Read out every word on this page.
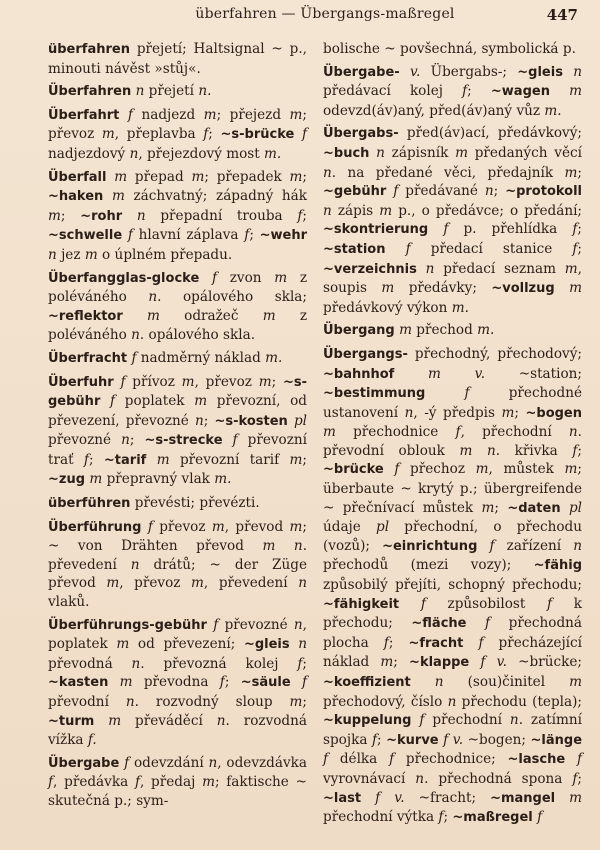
überfahren — Übergangs-maßregel	447

überfahren přejetí; Haltsignal ~ p., minouti návěst »stůj«.

Überfahren n přejetí n.

Überfahrt f nadjezd m; přejezd m; převoz m, přeplavba f; ~s-brücke f nadjezdový n, přejezdový most m.

Überfall m přepad m; přepadek m; ~haken m záchvatný; západný hák m; ~rohr n přepadní trouba f; ~schwelle f hlavní záplava f; ~wehr n jez m o úplném přepadu.

Überfangglas-glocke f zvon m z poléváného n. opálového skla; ~reflektor m odražeč m z poléváného n. opálového skla.

Überfracht f nadměrný náklad m.

Überfuhr f přívoz m, převoz m; ~s-gebühr f poplatek m převozní, od převezení, převozné n; ~s-kosten pl převozné n; ~s-strecke f převozní trať f; ~tarif m převozní tarif m; ~zug m přepravný vlak m.

überführen převésti; převézti.

Überführung f převoz m, převod m; ~ von Drähten převod m n. převedení n drátů; ~ der Züge převod m, převoz m, převedení n vlaků.

Überführungs-gebühr f převozné n, poplatek m od převezení; ~gleis n převodná n. převozná kolej f; ~kasten m převodna f; ~säule f převodní n. rozvodný sloup m; ~turm m převáděcí n. rozvodná vížka f.

Übergabe f odevzdání n, odevzdávka f, předávka f, předaj m; faktische ~ skutečná p.; sym-

bolische ~ povšechná, symbolická p.

Übergabe- v. Übergabs-; ~gleis n předávací kolej f; ~wagen m odevzd(áv)aný, před(áv)aný vůz m.

Übergabs- před(áv)ací, předávkový; ~buch n zápisník m předaných věcí n. na předané věci, předajník m; ~gebühr f předávané n; ~protokoll n zápis m p., o předávce; o předání; ~skontrierung f p. přehlídka f; ~station f předací stanice f; ~verzeichnis n předací seznam m, soupis m předávky; ~vollzug m předávkový výkon m.

Übergang m přechod m.

Übergangs- přechodný, přechodový; ~bahnhof m v. ~station; ~bestimmung	f přechodné ustanovení n, -ý předpis m; ~bogen m přechodnice f, přechodní n. převodní oblouk m n. křivka f; ~brücke f přechoz m, můstek m; überbaute ~ krytý p.; übergreifende ~ přečnívací můstek m; ~daten pl údaje pl přechodní, o přechodu (vozů); ~einrichtung f zařízení n přechodů (mezi vozy); ~fähig způsobilý přejíti, schopný přechodu; ~fähigkeit f způsobilost f k přechodu; ~fläche f přechodná plocha f; ~fracht f přecházející náklad m; ~klappe f v. ~brücke; ~koeffizient n (sou)činitel m přechodový, číslo n přechodu (tepla); ~kuppelung f přechodní n. zatímní spojka f; ~kurve f v. ~bogen; ~länge f délka f přechodnice; ~lasche f vyrovnávací n. přechodná spona f; ~last f v. ~fracht; ~mangel m přechodní výtka f; ~maßregel f
